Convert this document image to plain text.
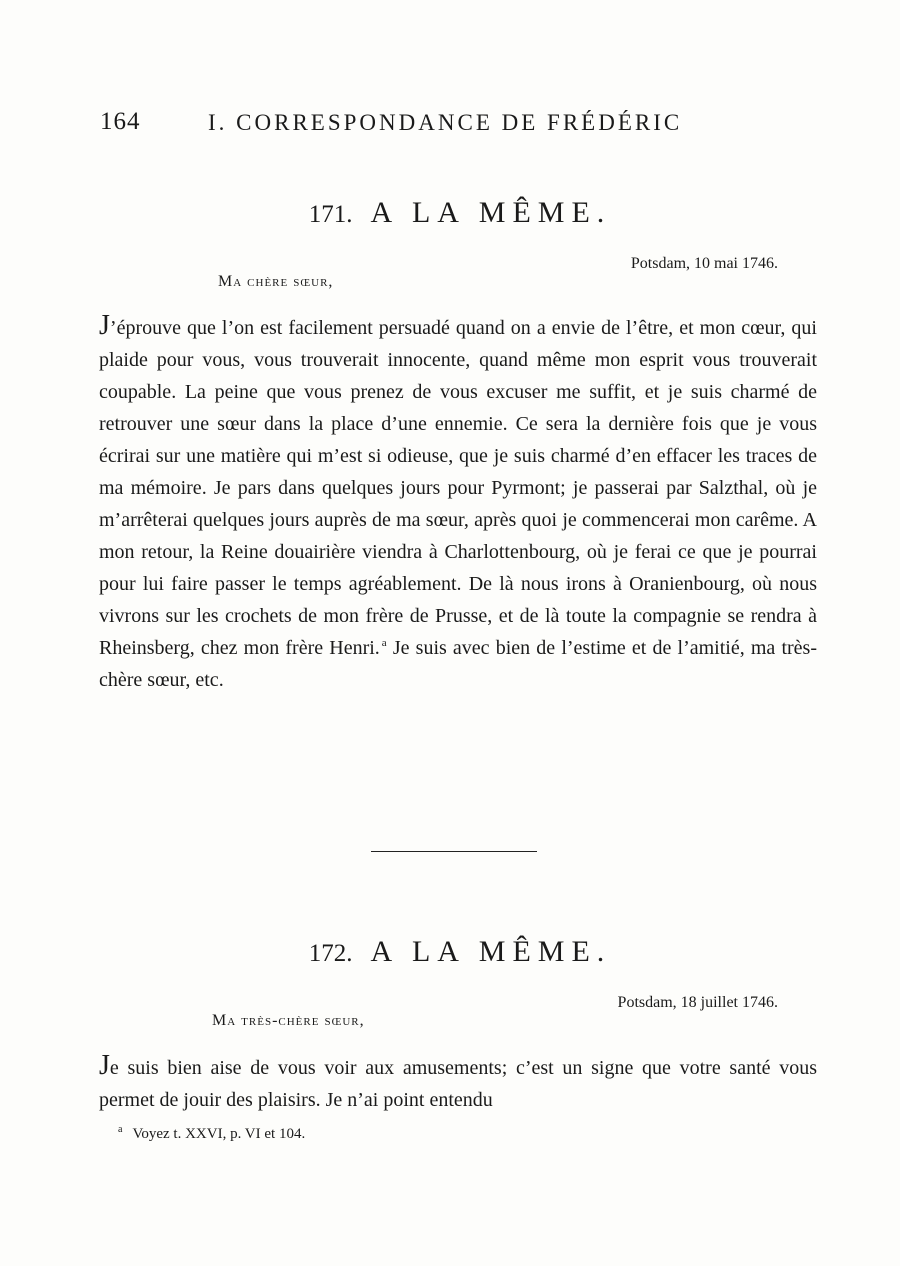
164	I. CORRESPONDANCE DE FRÉDÉRIC
171. A LA MÊME.
Potsdam, 10 mai 1746.
Ma chère sœur,

J’éprouve que l’on est facilement persuadé quand on a envie de l’être, et mon cœur, qui plaide pour vous, vous trouverait innocente, quand même mon esprit vous trouverait coupable. La peine que vous prenez de vous excuser me suffit, et je suis charmé de retrouver une sœur dans la place d’une ennemie. Ce sera la dernière fois que je vous écrirai sur une matière qui m’est si odieuse, que je suis charmé d’en effacer les traces de ma mémoire. Je pars dans quelques jours pour Pyrmont; je passerai par Salzthal, où je m’arrêterai quelques jours auprès de ma sœur, après quoi je commencerai mon carême. A mon retour, la Reine douairière viendra à Charlottenbourg, où je ferai ce que je pourrai pour lui faire passer le temps agréablement. De là nous irons à Oranienbourg, où nous vivrons sur les crochets de mon frère de Prusse, et de là toute la compagnie se rendra à Rheinsberg, chez mon frère Henri. $^a$ Je suis avec bien de l’estime et de l’amitié, ma très-chère sœur, etc.

172. A LA MÊME.
Potsdam, 18 juillet 1746.
Ma très-chère sœur,

Je suis bien aise de vous voir aux amusements; c’est un signe que votre santé vous permet de jouir des plaisirs. Je n’ai point entendu

$^a$ Voyez t. XXVI, p. VI et 104.
